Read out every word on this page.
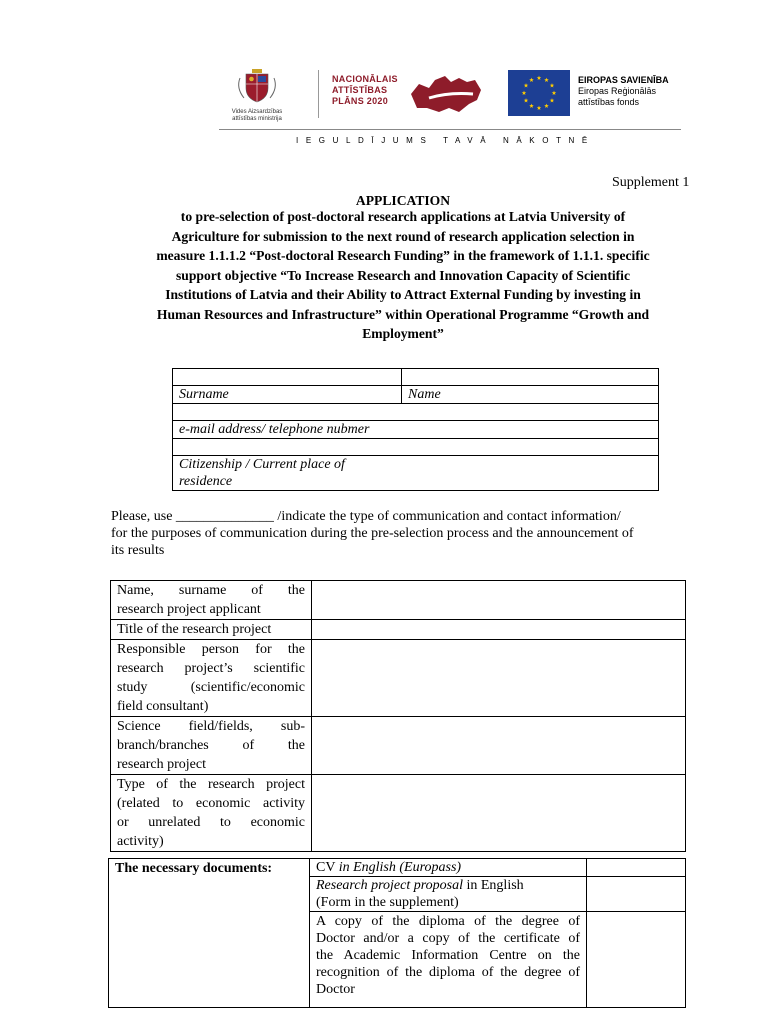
Vides Aizsardzības
attīstības ministrija
NACIONĀLAIS
ATTĪSTĪBAS
PLĀNS 2020
EIROPAS SAVIENĪBA
Eiropas Reģionālās
attīstības fonds
IEGULDĪJUMS TAVĀ NĀKOTNĒ
Supplement 1
APPLICATION
to pre-selection of post-doctoral research applications at Latvia University of
Agriculture for submission to the next round of research application selection in
measure 1.1.1.2 “Post-doctoral Research Funding” in the framework of 1.1.1. specific
support objective “To Increase Research and Innovation Capacity of Scientific
Institutions of Latvia and their Ability to Attract External Funding by investing in
Human Resources and Infrastructure” within Operational Programme “Growth and
Employment”

Surname	Name

e-mail address/ telephone nubmer	

Citizenship / Current place of
residence	
Please, use ______________ /indicate the type of communication and contact information/
for the purposes of communication during the pre-selection process and the announcement of
its results
Name, surname of the
research project applicant	

Title of the research project	

Responsible person for the
research project’s scientific
study (scientific/economic
field consultant)	

Science field/fields, sub-
branch/branches of the
research project	

Type of the research project
(related to economic activity
or unrelated to economic
activity)	

The necessary documents:	CV in English (Europass)	

	Research project proposal in English
(Form in the supplement)	

	A copy of the diploma of the degree of
Doctor and/or a copy of the certificate of
the Academic Information Centre on the
recognition of the diploma of the degree of
Doctor	
